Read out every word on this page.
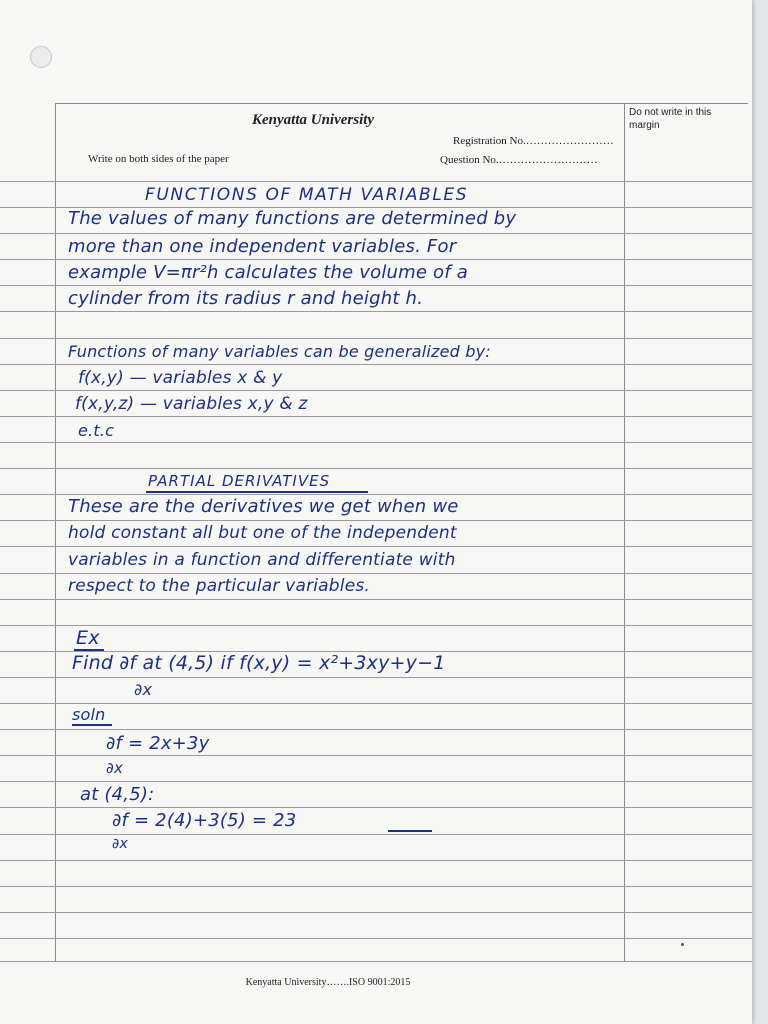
Kenyatta University
Write on both sides of the paper
Registration No.……………………
Question No.………………………
Do not write in this margin
FUNCTIONS OF MATH VARIABLES
The values of many functions are determined by
more than one independent variables. For
example V=πr²h calculates the volume of a
cylinder from its radius r and height h.
Functions of many variables can be generalized by:
f(x,y) — variables x & y
f(x,y,z) — variables x,y & z
e.t.c
PARTIAL DERIVATIVES
These are the derivatives we get when we
hold constant all but one of the independent
variables in a function and differentiate with
respect to the particular variables.
Ex
Find ∂f at (4,5) if f(x,y) = x²+3xy+y−1
∂x
soln
∂f = 2x+3y
∂x
at (4,5):
∂f = 2(4)+3(5) = 23
∂x
Kenyatta University…….ISO 9001:2015
